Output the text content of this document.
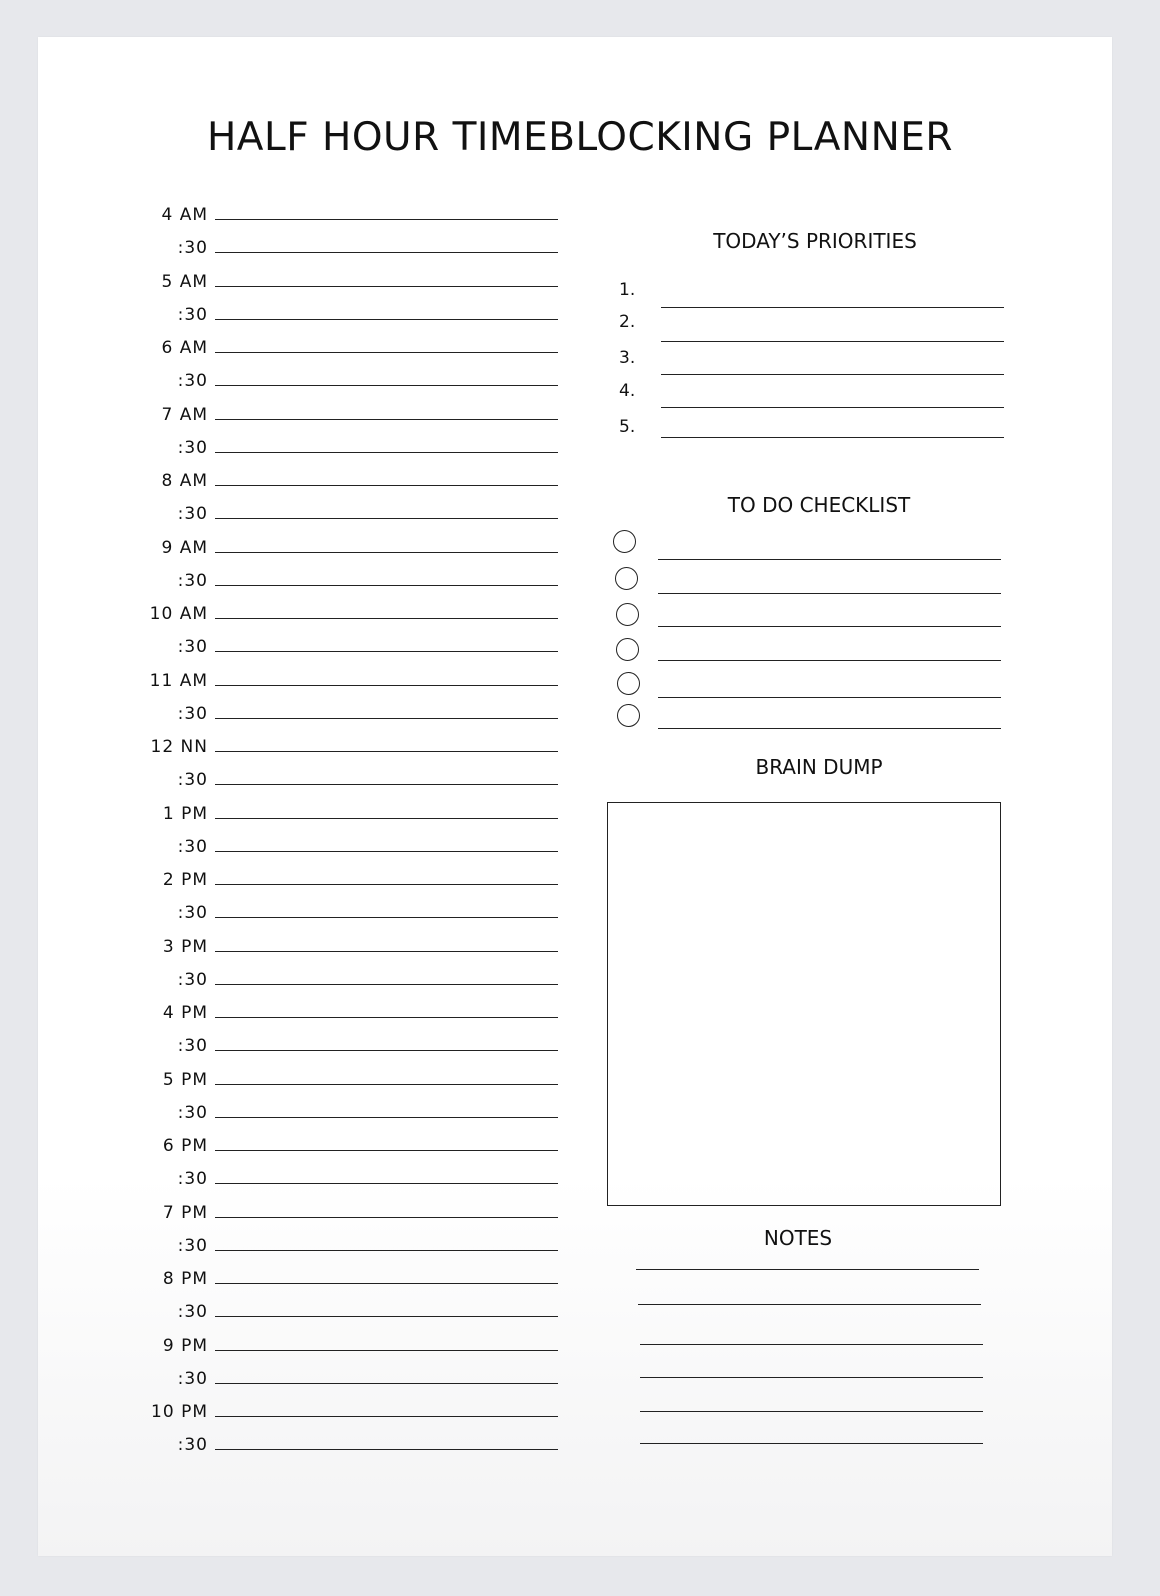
HALF HOUR TIMEBLOCKING PLANNER
4 AM
:30
5 AM
:30
6 AM
:30
7 AM
:30
8 AM
:30
9 AM
:30
10 AM
:30
11 AM
:30
12 NN
:30
1 PM
:30
2 PM
:30
3 PM
:30
4 PM
:30
5 PM
:30
6 PM
:30
7 PM
:30
8 PM
:30
9 PM
:30
10 PM
:30
TODAY’S PRIORITIES
1.
2.
3.
4.
5.
TO DO CHECKLIST
BRAIN DUMP
NOTES
